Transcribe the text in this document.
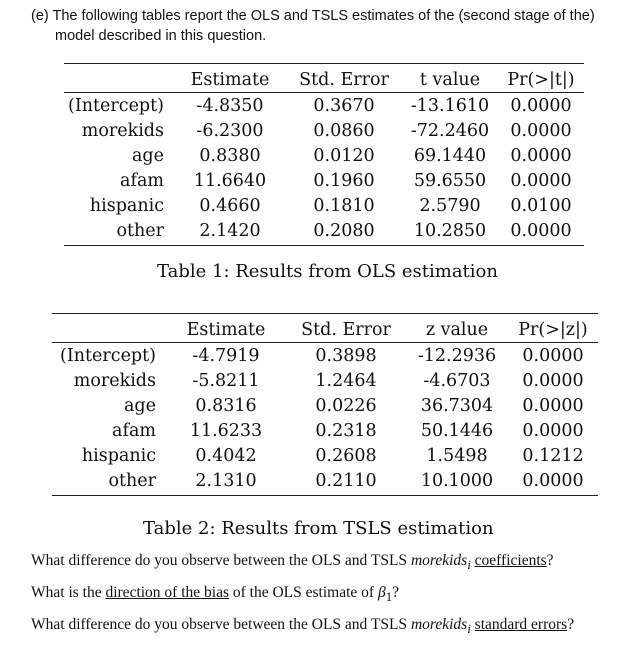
(e) The following tables report the OLS and TSLS estimates of the (second stage of the)
model described in this question.
	Estimate	Std. Error	t value	Pr(>|t|)
(Intercept)	-4.8350	0.3670	-13.1610	0.0000
morekids	-6.2300	0.0860	-72.2460	0.0000
age	0.8380	0.0120	69.1440	0.0000
afam	11.6640	0.1960	59.6550	0.0000
hispanic	0.4660	0.1810	2.5790	0.0100
other	2.1420	0.2080	10.2850	0.0000
Table 1: Results from OLS estimation
	Estimate	Std. Error	z value	Pr(>|z|)
(Intercept)	-4.7919	0.3898	-12.2936	0.0000
morekids	-5.8211	1.2464	-4.6703	0.0000
age	0.8316	0.0226	36.7304	0.0000
afam	11.6233	0.2318	50.1446	0.0000
hispanic	0.4042	0.2608	1.5498	0.1212
other	2.1310	0.2110	10.1000	0.0000
Table 2: Results from TSLS estimation
What difference do you observe between the OLS and TSLS morekids$_i$ coefficients?
What is the direction of the bias of the OLS estimate of $\beta_1$?
What difference do you observe between the OLS and TSLS morekids$_i$ standard errors?
